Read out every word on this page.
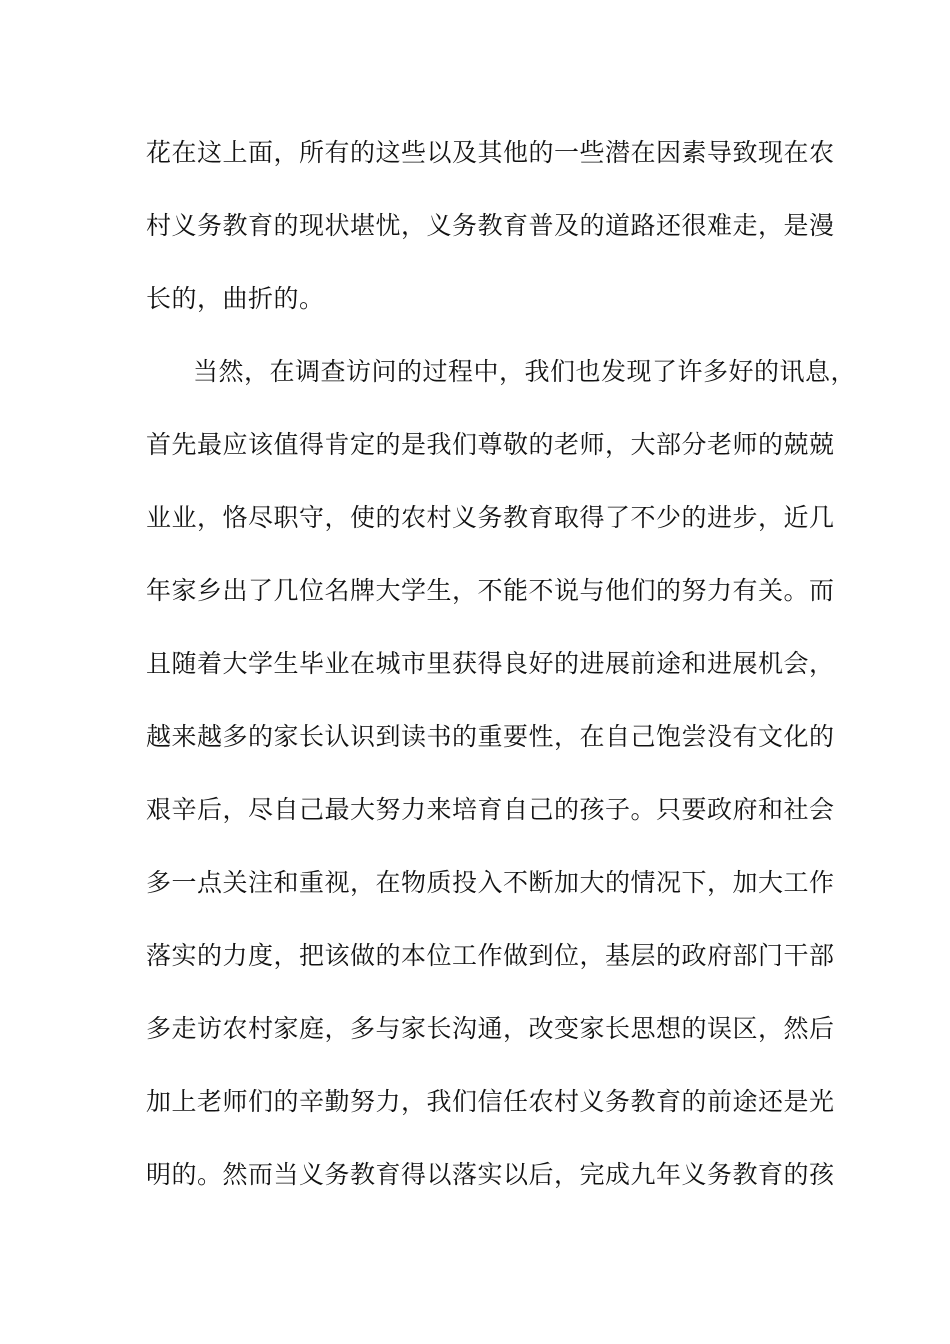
花在这上面，所有的这些以及其他的一些潜在因素导致现在农
村义务教育的现状堪忧，义务教育普及的道路还很难走，是漫
长的，曲折的。
当然，在调查访问的过程中，我们也发现了许多好的讯息，
首先最应该值得肯定的是我们尊敬的老师，大部分老师的兢兢
业业，恪尽职守，使的农村义务教育取得了不少的进步，近几
年家乡出了几位名牌大学生，不能不说与他们的努力有关。而
且随着大学生毕业在城市里获得良好的进展前途和进展机会，
越来越多的家长认识到读书的重要性，在自己饱尝没有文化的
艰辛后，尽自己最大努力来培育自己的孩子。只要政府和社会
多一点关注和重视，在物质投入不断加大的情况下，加大工作
落实的力度，把该做的本位工作做到位，基层的政府部门干部
多走访农村家庭，多与家长沟通，改变家长思想的误区，然后
加上老师们的辛勤努力，我们信任农村义务教育的前途还是光
明的。然而当义务教育得以落实以后，完成九年义务教育的孩
